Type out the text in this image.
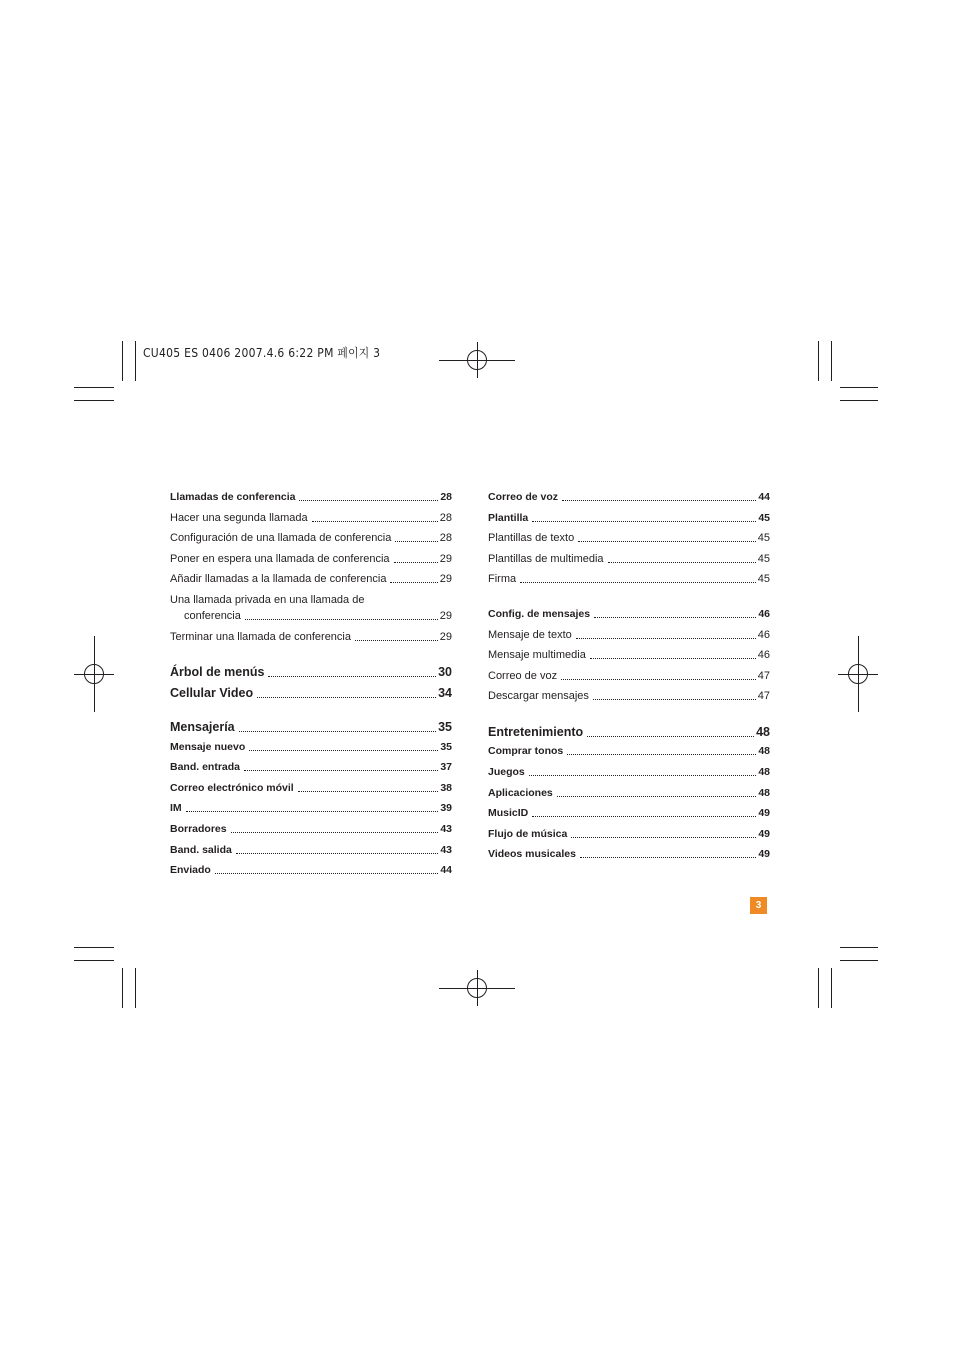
CU405 ES 0406 2007.4.6 6:22 PM 페이지 3
Llamadas de conferencia	28
Hacer una segunda llamada	28
Configuración de una llamada de conferencia	28
Poner en espera una llamada de conferencia	29
Añadir llamadas a la llamada de conferencia	29
Una llamada privada en una llamada de
conferencia	29
Terminar una llamada de conferencia	29
Árbol de menús	30
Cellular Video	34
Mensajería	35
Mensaje nuevo	35
Band. entrada	37
Correo electrónico móvil	38
IM	39
Borradores	43
Band. salida	43
Enviado	44
Correo de voz	44
Plantilla	45
Plantillas de texto	45
Plantillas de multimedia	45
Firma	45
Config. de mensajes	46
Mensaje de texto	46
Mensaje multimedia	46
Correo de voz	47
Descargar mensajes	47
Entretenimiento	48
Comprar tonos	48
Juegos	48
Aplicaciones	48
MusicID	49
Flujo de música	49
Videos musicales	49
3
